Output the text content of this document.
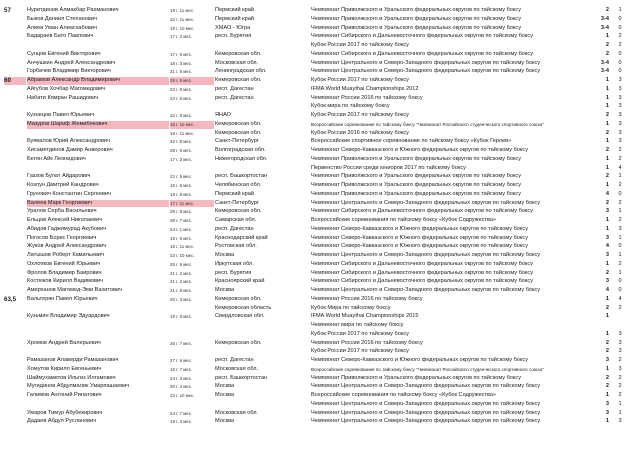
57	Нуритдинов Алмакбар Рахманович	19 г. 11 мес.	Пермский край	Чемпионат Приволжского и Уральского федеральных округов по тайскому боксу	2	1
Быков Даниил Степанович	22 г. 11 мес.	Пермский край	Чемпионат Приволжского и Уральского федеральных округов по тайскому боксу	3-4	0
Алиев Уман Алиасхабович	19 г. 10 мес.	ХМАО - Югра	Чемпионат Приволжского и Уральского федеральных округов по тайскому боксу	3-4	0
Бадараев Бато Павлович	17 г. 2 мес.	респ. Бурятия	Чемпионат Сибирского и Дальневосточного федеральных округов по тайскому боксу	1	2
Кубок России 2017 по тайскому боксу	2	2
Сунцов Евгений Викторович	17 г. 6 мес.	Кемеровская обл.	Чемпионат Сибирского и Дальневосточного федеральных округов по тайскому боксу	2	0
Анчушкин Андрей Александрович	18 г. 3 мес.	Московская обл.	Чемпионат Центрального и Северо-Западного федеральных округов по тайскому боксу	3-4	0
Горбачев Владимир Викторович	31 г. 5 мес.	Ленинградская обл.	Чемпионат Центрального и Северо-Западного федеральных округов по тайскому боксу	3-4	0
60	Абрамов Александр Владимирович	25 г. 9 мес.	Кемеровская обл.	Кубок России 2017 по тайскому боксу	1	3
Айгубов Хочбар Магомедович	23 г. 8 мес.	респ. Дагестан	IFMA World Muaythai Championships 2012	1	3
Набати Кямран Рашидович	22 г. 6 мес.	респ. Дагестан	Чемпионат России 2016 по тайскому боксу	1	3
Кубок мира по тайскому боксу	1	3
Кузнецов Павел Юрьевич	22 г. 9 мес.	ЯНАО	Кубок России 2017 по тайскому боксу	2	3
Мазуров Шариф Жемибекович	16 г. 10 мес.	Кемеровская обл.	Всероссийские соревнования по тайскому боксу "Чемпионат Российского студенческого спортивного союза"	1	3
16 г. 11 мес.	Кемеровская обл.	Кубок России 2016 по тайскому боксу	2	3
Буявалов Юрий Александрович	32 г. 8 мес.	Санкт-Петербург	Всероссийские спортивное соревнование по тайскому боксу «Кубок Героев»	1	3
Хисаметдинов Дамир Анверович	28 г. 6 мес.	Волгоградская обл.	Чемпионат Северо-Кавказского и Южного федеральных округов по тайскому боксу	2	2
Бегян Айк Леонидович	17 г. 3 мес.	Нижегородская обл.	Чемпионат Приволжского и Уральского федеральных округов по тайскому боксу	1	2
Первенство России среди юниоров 2017 по тайскому боксу	1	4
Газзов Булат Айдарович	22 г. 5 мес.	респ. Башкортостан	Чемпионат Приволжского и Уральского федеральных округов по тайскому боксу	2	1
Козлун Дмитрий Кандрович	19 г. 6 мес.	Челябинская обл.	Чемпионат Приволжского и Уральского федеральных округов по тайскому боксу	1	2
Грунович Константин Сергеевич	18 г. 8 мес.	Пермский край	Чемпионат Приволжского и Уральского федеральных округов по тайскому боксу	4	0
Валеев Марк Георгиевич	17 г. 11 мес.	Санкт-Петербург	Чемпионат Центрального и Северо-Западного федеральных округов по тайскому боксу	2	2
Уралов Серба Васильевич	29 г. 8 мес.	Кемеровская обл.	Чемпионат Сибирского и Дальневосточного федеральных округов по тайскому боксу	3	1
Ельцов Алексей Николаевич	28 г. 7 мес.	Самарская обл.	Всероссийские соревнования по тайскому боксу «Кубок Содружества»	1	2
Абидов Гаджимурад Акубович	24 г. 1 мес.	респ. Дагестан	Чемпионат Северо-Кавказского и Южного федеральных округов по тайскому боксу	1	3
Погосов Борис Георгиевич	19 г. 6 мес.	Краснодарский край	Чемпионат Северо-Кавказского и Южного федеральных округов по тайскому боксу	3	1
Жуков Андрей Александрович	18 г. 11 мес.	Ростовская обл.	Чемпионат Северо-Кавказского и Южного федеральных округов по тайскому боксу	4	0
Латышов Роберт Камильевич	23 г. 10 мес.	Москва	Чемпионат Центрального и Северо-Западного федеральных округов по тайскому боксу	3	1
Охлопков Евгений Юрьевич	26 г. 6 мес.	Иркутская обл.	Чемпионат Сибирского и Дальневосточного федеральных округов по тайскому боксу	1	2
Фролов Владимир Баирович	21 г. 2 мес.	респ. Бурятия	Чемпионат Сибирского и Дальневосточного федеральных округов по тайскому боксу	2	1
Костюков Кирилл Вадимович	21 г. 2 мес.	Красноярский край	Чемпионат Сибирского и Дальневосточного федеральных округов по тайскому боксу	3	0
Амерханов Магомед-Эми Вахитович	21 г. 8 мес.	Москва	Чемпионат Центрального и Северо-Западного федеральных округов по тайскому боксу	4	0
63,5	Вальтерян Павел Юрьевич	20 г. 3 мес.	Кемеровская обл.	Чемпионат России 2016 по тайскому боксу	1	4
Кемеровская область	Кубок Мира по тайскому боксу	2	2
Кузьмин Владимир Эдуардович	19 г. 5 мес.	Свердловская обл.	IFMA World Muaythai Championships 2015	1
Чемпионат мира по тайскому боксу
Кубок России 2017 по тайскому боксу	1	3
Хромов Андрей Валерьевич	26 г. 7 мес.	Кемеровская обл.	Чемпионат России 2016 по тайскому боксу	2	3
Кубок России 2017 по тайскому боксу	2	3
Рамазанов Алаверди Рамазанович	27 г. 6 мес.	респ. Дагестан	Чемпионат Северо-Кавказского и Южного федеральных округов по тайскому боксу	3	2
Хомутов Кирилл Евгеньевич	18 г. 7 мес.	Московская обл.	Всероссийские соревнования по тайскому боксу "Чемпионат Российского студенческого спортивного союза"	1	3
Шаймухаметов Ильгиз Илгамович	24 г. 3 мес.	респ. Башкортостан	Чемпионат Приволжского и Уральского федеральных округов по тайскому боксу	2	2
Мугидинов Абдулмалик Умарпашаевич	20 г. 4 мес.	Москва	Чемпионат Центрального и Северо-Западного федеральных округов по тайскому боксу	2	2
Галимов Антоний Ринатович	23 г. 10 мес.	Москва	Всероссийские соревнования по тайскому боксу «Кубок Содружества»	1	2
Чемпионат Центрального и Северо-Западного федеральных округов по тайскому боксу	3	1
Умаров Тимур Абубекирович	24 г. 7 мес.	Московская обл.	Чемпионат Центрального и Северо-Западного федеральных округов по тайскому боксу	3	1
Дадаев Абдул Русланович	18 г. 4 мес.	Москва	Чемпионат Центрального и Северо-Западного федеральных округов по тайскому боксу	1	3
